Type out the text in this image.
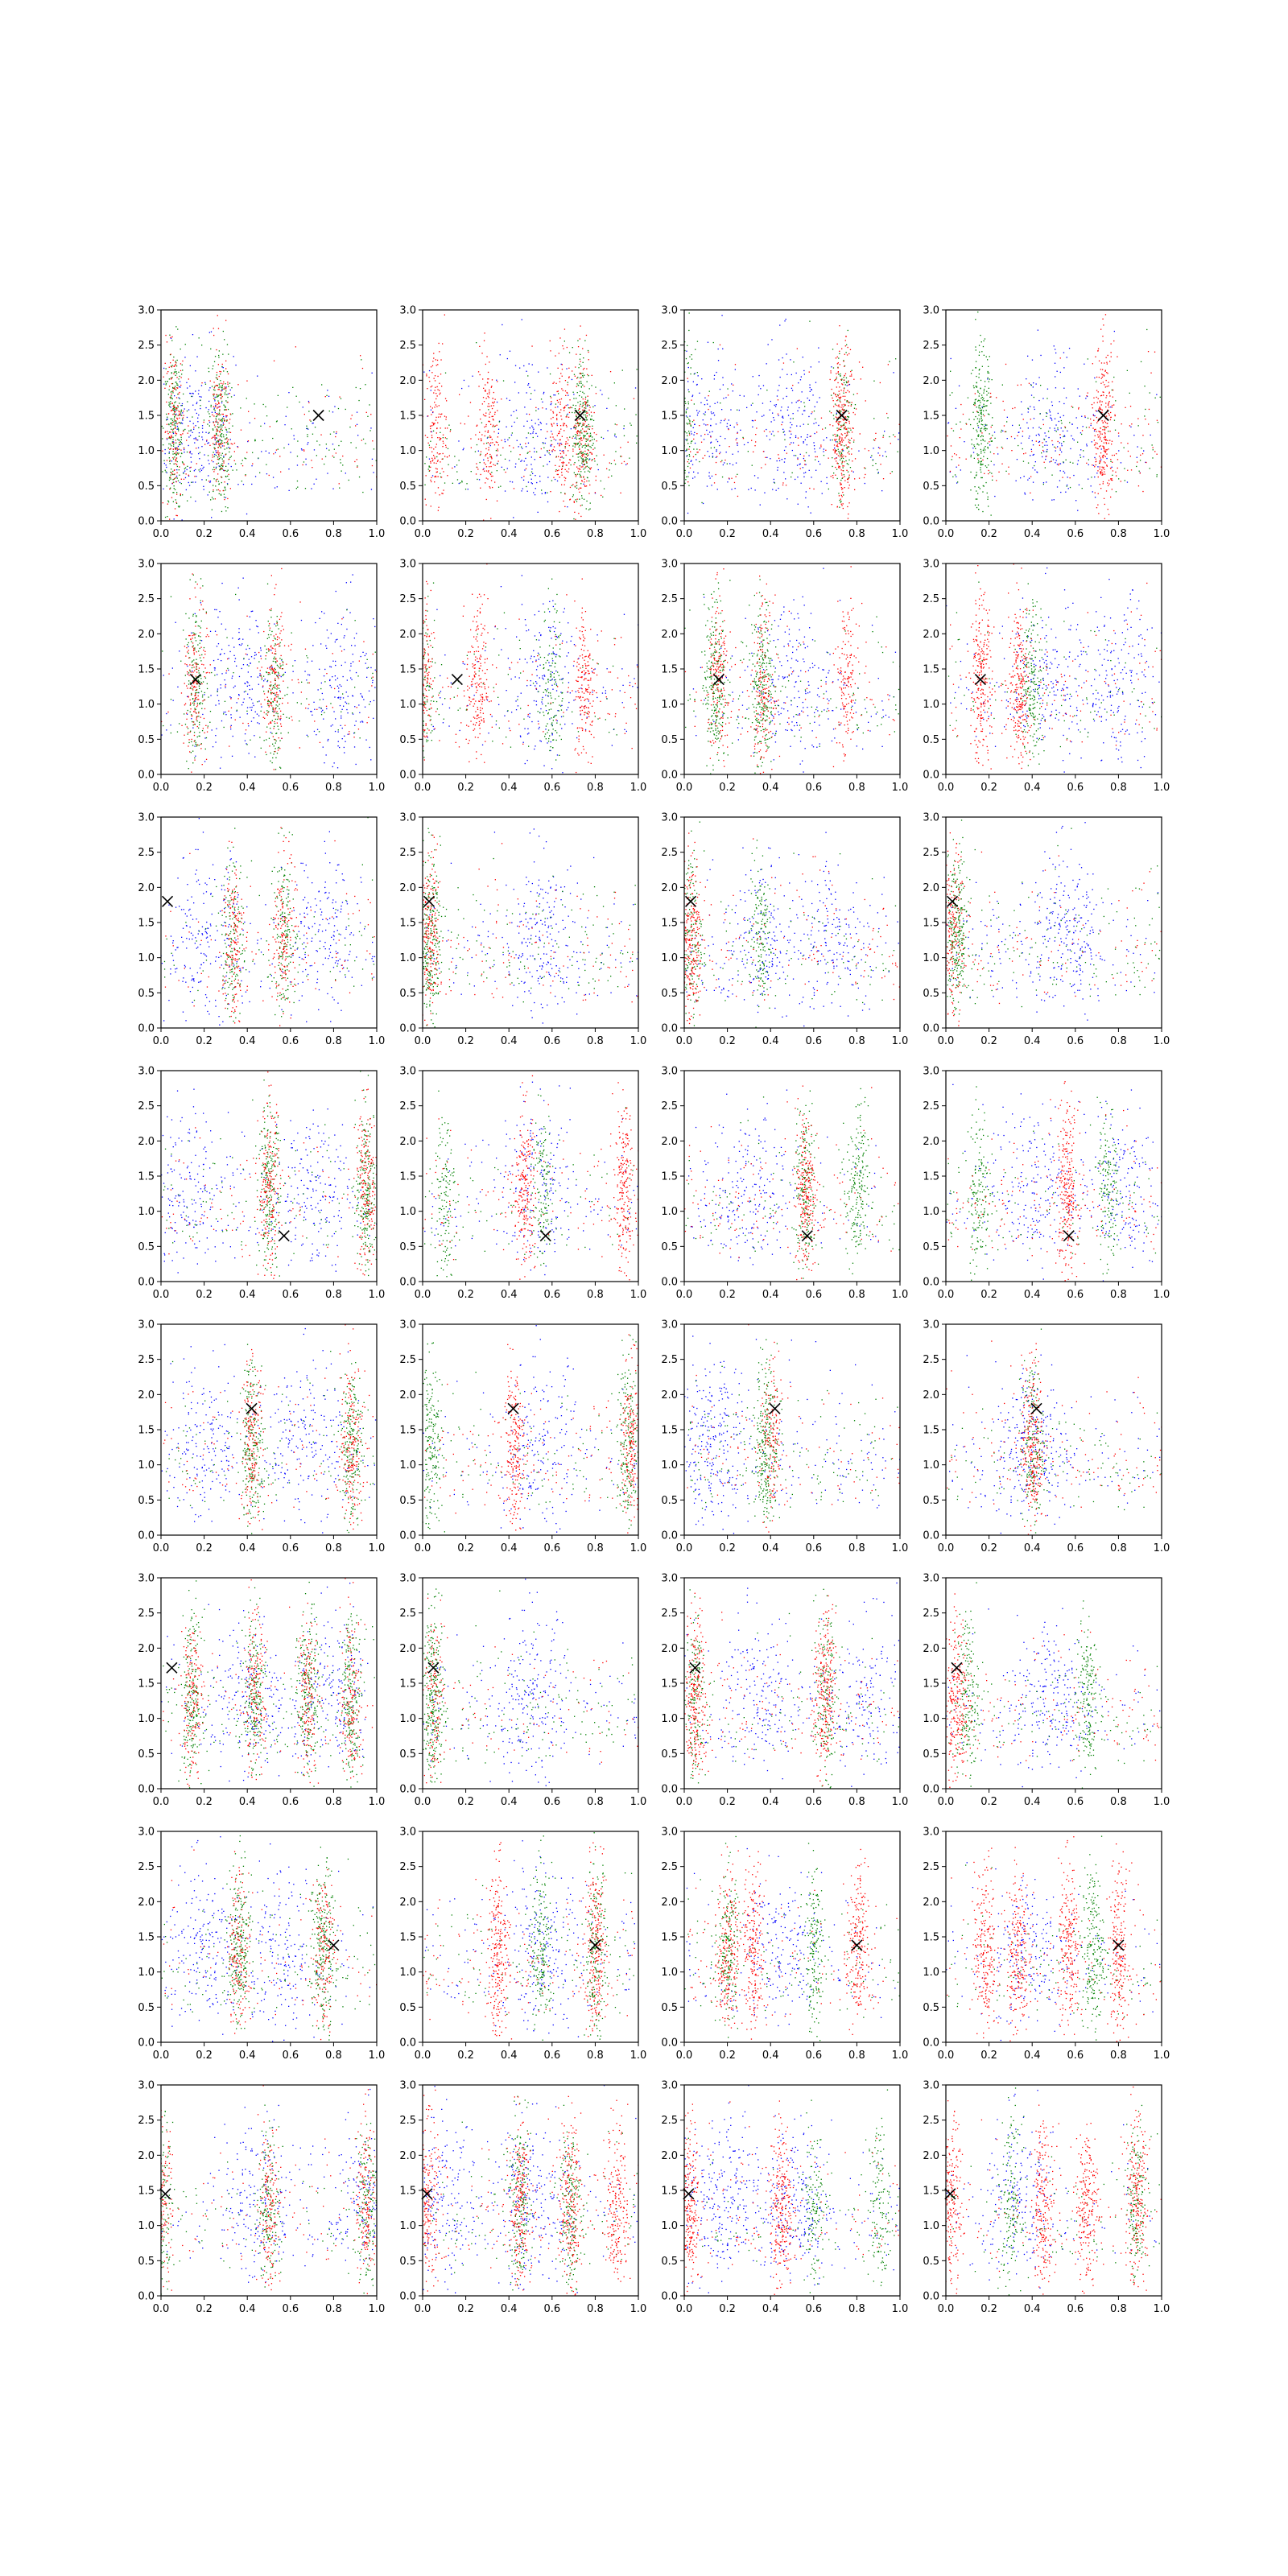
0.0	0.2	0.4	0.6	0.8	1.0
0.0
0.5
1.0
1.5
2.0
2.5
3.0
0.0	0.2	0.4	0.6	0.8	1.0
0.0
0.5
1.0
1.5
2.0
2.5
3.0
0.0	0.2	0.4	0.6	0.8	1.0
0.0
0.5
1.0
1.5
2.0
2.5
3.0
0.0	0.2	0.4	0.6	0.8	1.0
0.0
0.5
1.0
1.5
2.0
2.5
3.0
0.0	0.2	0.4	0.6	0.8	1.0
0.0
0.5
1.0
1.5
2.0
2.5
3.0
0.0	0.2	0.4	0.6	0.8	1.0
0.0
0.5
1.0
1.5
2.0
2.5
3.0
0.0	0.2	0.4	0.6	0.8	1.0
0.0
0.5
1.0
1.5
2.0
2.5
3.0
0.0	0.2	0.4	0.6	0.8	1.0
0.0
0.5
1.0
1.5
2.0
2.5
3.0
0.0	0.2	0.4	0.6	0.8	1.0
0.0
0.5
1.0
1.5
2.0
2.5
3.0
0.0	0.2	0.4	0.6	0.8	1.0
0.0
0.5
1.0
1.5
2.0
2.5
3.0
0.0	0.2	0.4	0.6	0.8	1.0
0.0
0.5
1.0
1.5
2.0
2.5
3.0
0.0	0.2	0.4	0.6	0.8	1.0
0.0
0.5
1.0
1.5
2.0
2.5
3.0
0.0	0.2	0.4	0.6	0.8	1.0
0.0
0.5
1.0
1.5
2.0
2.5
3.0
0.0	0.2	0.4	0.6	0.8	1.0
0.0
0.5
1.0
1.5
2.0
2.5
3.0
0.0	0.2	0.4	0.6	0.8	1.0
0.0
0.5
1.0
1.5
2.0
2.5
3.0
0.0	0.2	0.4	0.6	0.8	1.0
0.0
0.5
1.0
1.5
2.0
2.5
3.0
0.0	0.2	0.4	0.6	0.8	1.0
0.0
0.5
1.0
1.5
2.0
2.5
3.0
0.0	0.2	0.4	0.6	0.8	1.0
0.0
0.5
1.0
1.5
2.0
2.5
3.0
0.0	0.2	0.4	0.6	0.8	1.0
0.0
0.5
1.0
1.5
2.0
2.5
3.0
0.0	0.2	0.4	0.6	0.8	1.0
0.0
0.5
1.0
1.5
2.0
2.5
3.0
0.0	0.2	0.4	0.6	0.8	1.0
0.0
0.5
1.0
1.5
2.0
2.5
3.0
0.0	0.2	0.4	0.6	0.8	1.0
0.0
0.5
1.0
1.5
2.0
2.5
3.0
0.0	0.2	0.4	0.6	0.8	1.0
0.0
0.5
1.0
1.5
2.0
2.5
3.0
0.0	0.2	0.4	0.6	0.8	1.0
0.0
0.5
1.0
1.5
2.0
2.5
3.0
0.0	0.2	0.4	0.6	0.8	1.0
0.0
0.5
1.0
1.5
2.0
2.5
3.0
0.0	0.2	0.4	0.6	0.8	1.0
0.0
0.5
1.0
1.5
2.0
2.5
3.0
0.0	0.2	0.4	0.6	0.8	1.0
0.0
0.5
1.0
1.5
2.0
2.5
3.0
0.0	0.2	0.4	0.6	0.8	1.0
0.0
0.5
1.0
1.5
2.0
2.5
3.0
0.0	0.2	0.4	0.6	0.8	1.0
0.0
0.5
1.0
1.5
2.0
2.5
3.0
0.0	0.2	0.4	0.6	0.8	1.0
0.0
0.5
1.0
1.5
2.0
2.5
3.0
0.0	0.2	0.4	0.6	0.8	1.0
0.0
0.5
1.0
1.5
2.0
2.5
3.0
0.0	0.2	0.4	0.6	0.8	1.0
0.0
0.5
1.0
1.5
2.0
2.5
3.0
